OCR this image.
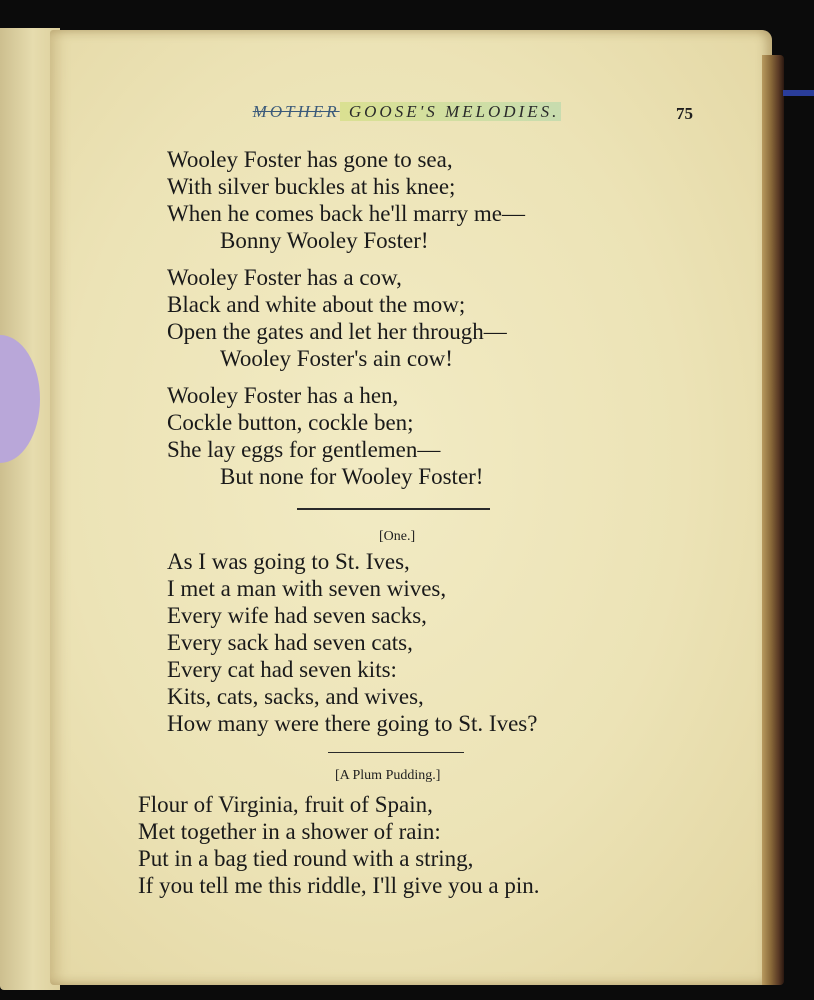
MOTHER GOOSE'S MELODIES.	75
Wooley Foster has gone to sea,
With silver buckles at his knee;
When he comes back he'll marry me—
Bonny Wooley Foster!
Wooley Foster has a cow,
Black and white about the mow;
Open the gates and let her through—
Wooley Foster's ain cow!
Wooley Foster has a hen,
Cockle button, cockle ben;
She lay eggs for gentlemen—
But none for Wooley Foster!
[One.]
As I was going to St. Ives,
I met a man with seven wives,
Every wife had seven sacks,
Every sack had seven cats,
Every cat had seven kits:
Kits, cats, sacks, and wives,
How many were there going to St. Ives?
[A Plum Pudding.]
Flour of Virginia, fruit of Spain,
Met together in a shower of rain:
Put in a bag tied round with a string,
If you tell me this riddle, I'll give you a pin.
